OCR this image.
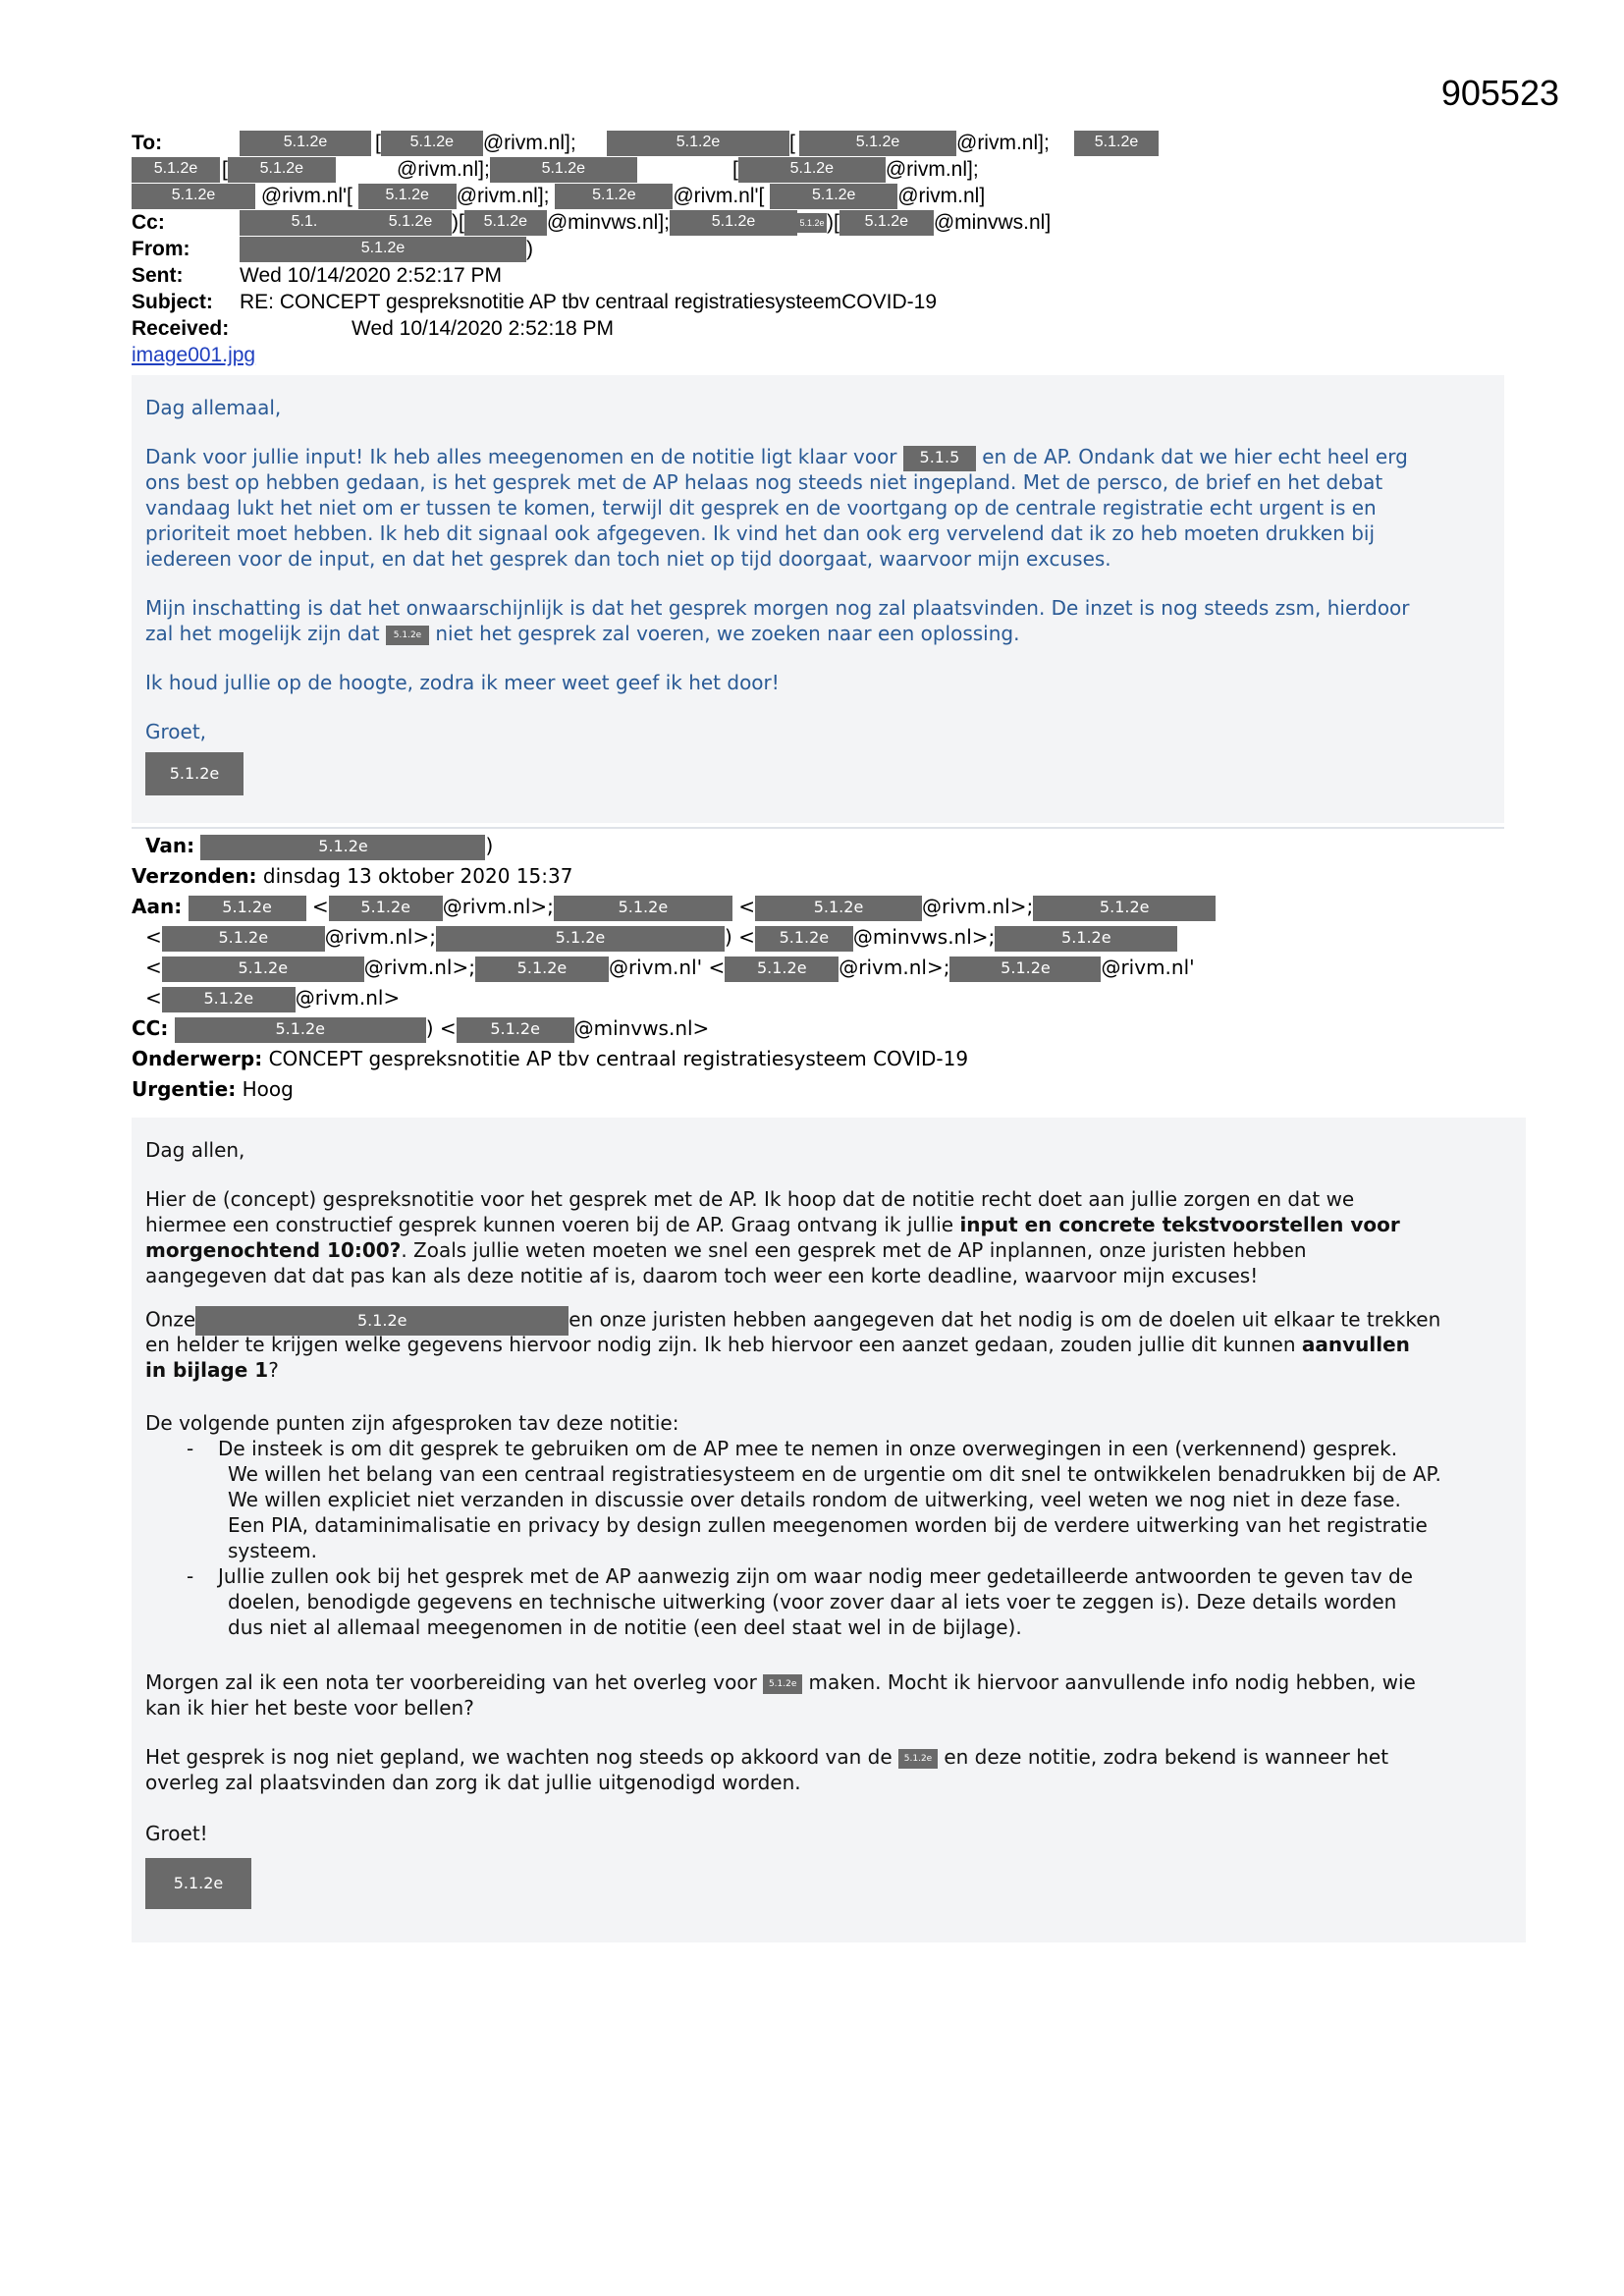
905523
To:	5.1.2e	[ 5.1.2e @rivm.nl];	5.1.2e	[	5.1.2e	@rivm.nl];	5.1.2e
5.1.2e [ 5.1.2e	@rivm.nl];	5.1.2e	[	5.1.2e	@rivm.nl];
5.1.2e @rivm.nl'[ 5.1.2e @rivm.nl];	5.1.2e @rivm.nl'[	5.1.2e @rivm.nl]
Cc:	5.1.	5.1.2e )[ 5.1.2e @minvws.nl];	5.1.2e	5.1.2e )[ 5.1.2e @minvws.nl]
From:	5.1.2e	)
Sent:	Wed 10/14/2020 2:52:17 PM
Subject: RE: CONCEPT gespreksnotitie AP tbv centraal registratiesysteemCOVID-19
Received:	Wed 10/14/2020 2:52:18 PM
image001.jpg

Dag allemaal,

Dank voor jullie input! Ik heb alles meegenomen en de notitie ligt klaar voor 5.1.5 en de AP. Ondank dat we hier echt heel erg

ons best op hebben gedaan, is het gesprek met de AP helaas nog steeds niet ingepland. Met de persco, de brief en het debat

vandaag lukt het niet om er tussen te komen, terwijl dit gesprek en de voortgang op de centrale registratie echt urgent is en

prioriteit moet hebben. Ik heb dit signaal ook afgegeven. Ik vind het dan ook erg vervelend dat ik zo heb moeten drukken bij

iedereen voor de input, en dat het gesprek dan toch niet op tijd doorgaat, waarvoor mijn excuses.

Mijn inschatting is dat het onwaarschijnlijk is dat het gesprek morgen nog zal plaatsvinden. De inzet is nog steeds zsm, hierdoor

zal het mogelijk zijn dat 5.1.2e niet het gesprek zal voeren, we zoeken naar een oplossing.

Ik houd jullie op de hoogte, zodra ik meer weet geef ik het door!

Groet,

5.1.2e

Van:	5.1.2e	)
Verzonden: dinsdag 13 oktober 2020 15:37
Aan:	5.1.2e < 5.1.2e @rivm.nl>;	5.1.2e	<	5.1.2e	@rivm.nl>;	5.1.2e
<	5.1.2e	@rivm.nl>;	5.1.2e	) < 5.1.2e @minvws.nl>;	5.1.2e
<	5.1.2e	@rivm.nl>;	5.1.2e @rivm.nl' < 5.1.2e @rivm.nl>;	5.1.2e	@rivm.nl'
<	5.1.2e @rivm.nl>
CC:	5.1.2e	) < 5.1.2e @minvws.nl>
Onderwerp: CONCEPT gespreksnotitie AP tbv centraal registratiesysteem COVID-19
Urgentie: Hoog

Dag allen,

Hier de (concept) gespreksnotitie voor het gesprek met de AP. Ik hoop dat de notitie recht doet aan jullie zorgen en dat we

hiermee een constructief gesprek kunnen voeren bij de AP. Graag ontvang ik jullie input en concrete tekstvoorstellen voor

morgenochtend 10:00?. Zoals jullie weten moeten we snel een gesprek met de AP inplannen, onze juristen hebben

aangegeven dat dat pas kan als deze notitie af is, daarom toch weer een korte deadline, waarvoor mijn excuses!

Onze	5.1.2e	en onze juristen hebben aangegeven dat het nodig is om de doelen uit elkaar te trekken

en helder te krijgen welke gegevens hiervoor nodig zijn. Ik heb hiervoor een aanzet gedaan, zouden jullie dit kunnen aanvullen

in bijlage 1?

De volgende punten zijn afgesproken tav deze notitie:

- De insteek is om dit gesprek te gebruiken om de AP mee te nemen in onze overwegingen in een (verkennend) gesprek.
We willen het belang van een centraal registratiesysteem en de urgentie om dit snel te ontwikkelen benadrukken bij de AP.
We willen expliciet niet verzanden in discussie over details rondom de uitwerking, veel weten we nog niet in deze fase.
Een PIA, dataminimalisatie en privacy by design zullen meegenomen worden bij de verdere uitwerking van het registratie
systeem.
- Jullie zullen ook bij het gesprek met de AP aanwezig zijn om waar nodig meer gedetailleerde antwoorden te geven tav de
doelen, benodigde gegevens en technische uitwerking (voor zover daar al iets voer te zeggen is). Deze details worden
dus niet al allemaal meegenomen in de notitie (een deel staat wel in de bijlage).

Morgen zal ik een nota ter voorbereiding van het overleg voor 5.1.2e maken. Mocht ik hiervoor aanvullende info nodig hebben, wie

kan ik hier het beste voor bellen?

Het gesprek is nog niet gepland, we wachten nog steeds op akkoord van de 5.1.2e en deze notitie, zodra bekend is wanneer het

overleg zal plaatsvinden dan zorg ik dat jullie uitgenodigd worden.

Groet!

5.1.2e
